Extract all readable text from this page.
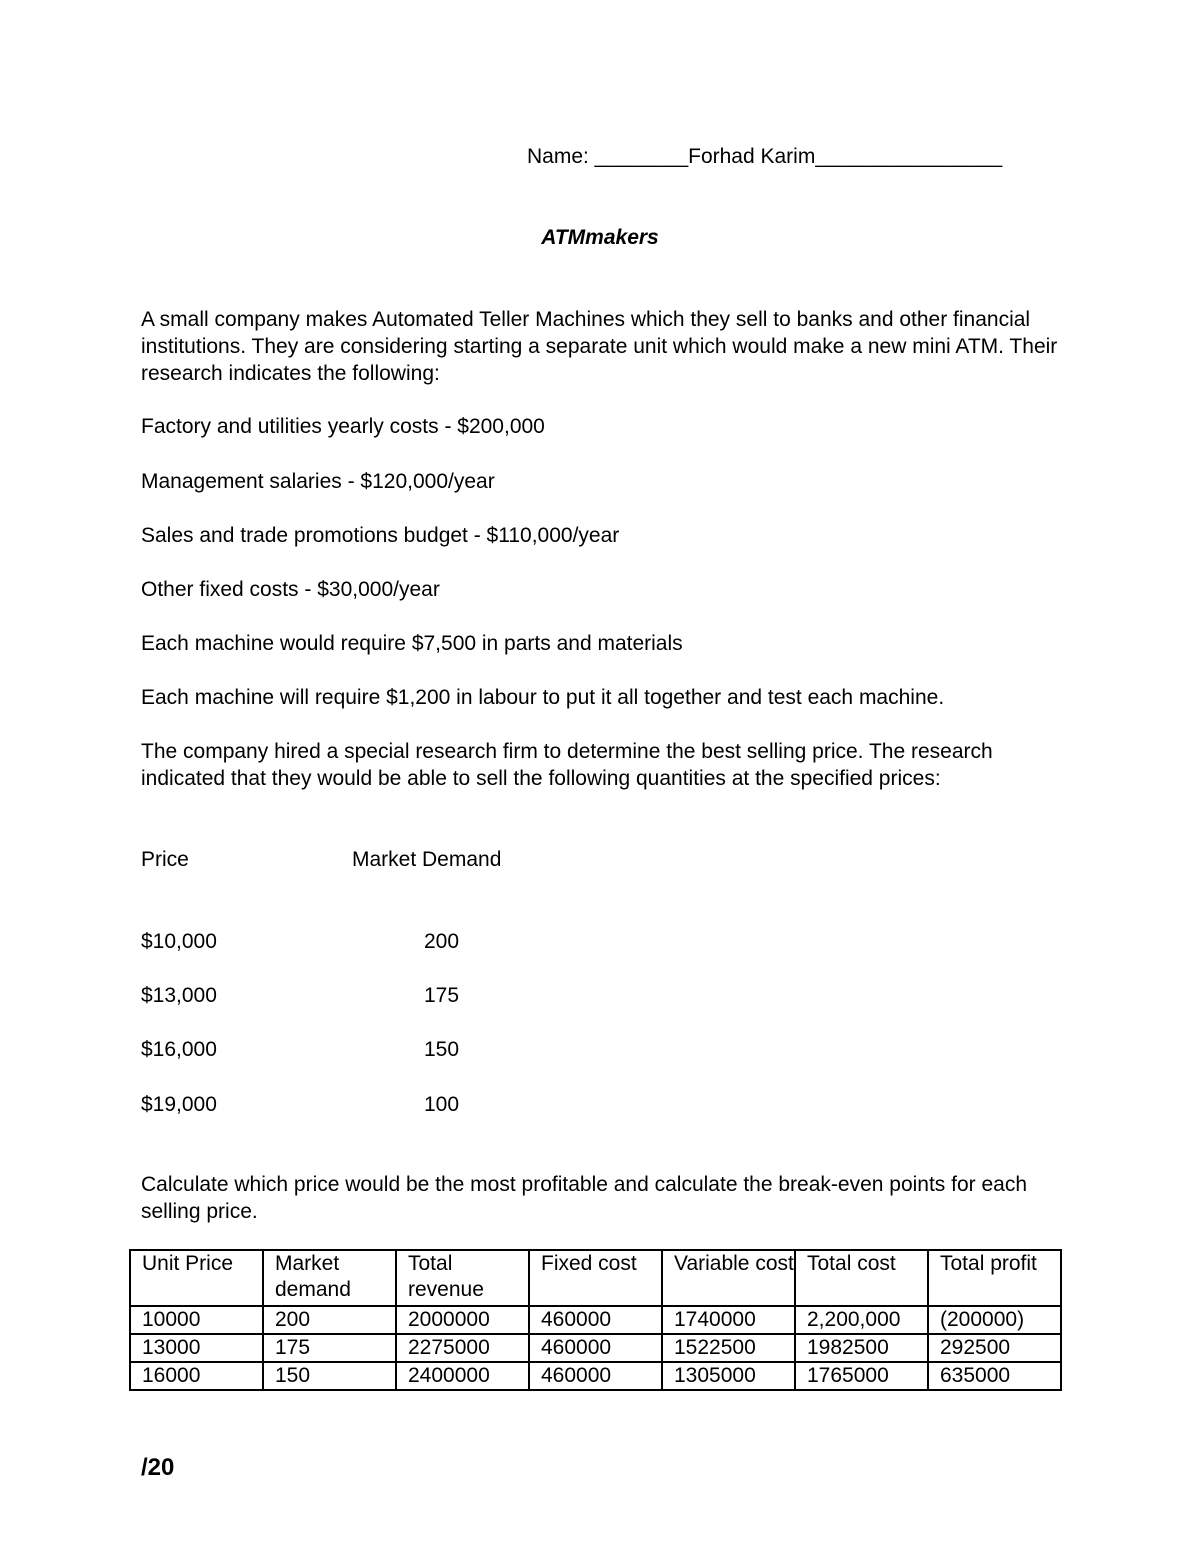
Name: ________Forhad Karim________________
ATMmakers

A small company makes Automated Teller Machines which they sell to banks and other financial institutions. They are considering starting a separate unit which would make a new mini ATM. Their research indicates the following:

Factory and utilities yearly costs - $200,000
Management salaries - $120,000/year
Sales and trade promotions budget - $110,000/year
Other fixed costs - $30,000/year
Each machine would require $7,500 in parts and materials
Each machine will require $1,200 in labour to put it all together and test each machine.

The company hired a special research firm to determine the best selling price. The research indicated that they would be able to sell the following quantities at the specified prices:

Price	Market Demand
$10,000	200
$13,000	175
$16,000	150
$19,000	100
Calculate which price would be the most profitable and calculate the break-even points for each selling price.
Unit Price	Market demand	Total revenue	Fixed cost	Variable cost	Total cost	Total profit
10000	200	2000000	460000	1740000	2,200,000	(200000)
13000	175	2275000	460000	1522500	1982500	292500
16000	150	2400000	460000	1305000	1765000	635000
/20
